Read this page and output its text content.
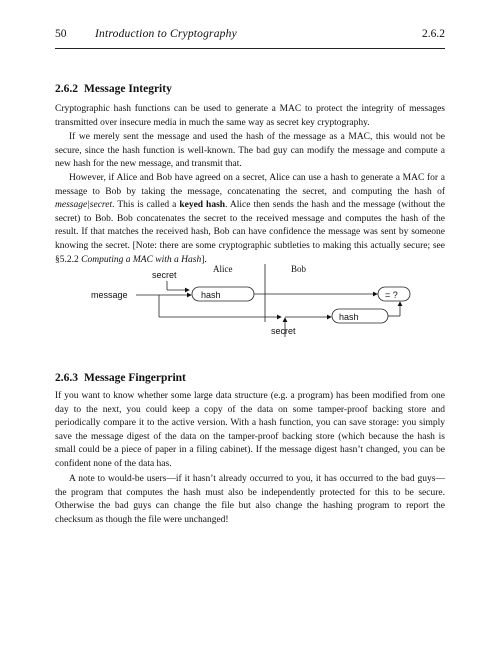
50 Introduction to Cryptography	2.6.2
2.6.2 Message Integrity

Cryptographic hash functions can be used to generate a MAC to protect the integrity of messages transmitted over insecure media in much the same way as secret key cryptography.

If we merely sent the message and used the hash of the message as a MAC, this would not be secure, since the hash function is well-known. The bad guy can modify the message and compute a new hash for the new message, and transmit that.

However, if Alice and Bob have agreed on a secret, Alice can use a hash to generate a MAC for a message to Bob by taking the message, concatenating the secret, and computing the hash of message|secret. This is called a keyed hash. Alice then sends the hash and the message (without the secret) to Bob. Bob concatenates the secret to the received message and computes the hash of the result. If that matches the received hash, Bob can have confidence the message was sent by someone knowing the secret. [Note: there are some cryptographic subtleties to making this actually secure; see §5.2.2 Computing a MAC with a Hash].

Alice	Bob
secret
message	hash
secret
hash
= ?
2.6.3 Message Fingerprint

If you want to know whether some large data structure (e.g. a program) has been modified from one day to the next, you could keep a copy of the data on some tamper-proof backing store and periodically compare it to the active version. With a hash function, you can save storage: you simply save the message digest of the data on the tamper-proof backing store (which because the hash is small could be a piece of paper in a filing cabinet). If the message digest hasn’t changed, you can be confident none of the data has.

A note to would-be users—if it hasn’t already occurred to you, it has occurred to the bad guys—the program that computes the hash must also be independently protected for this to be secure. Otherwise the bad guys can change the file but also change the hashing program to report the checksum as though the file were unchanged!
